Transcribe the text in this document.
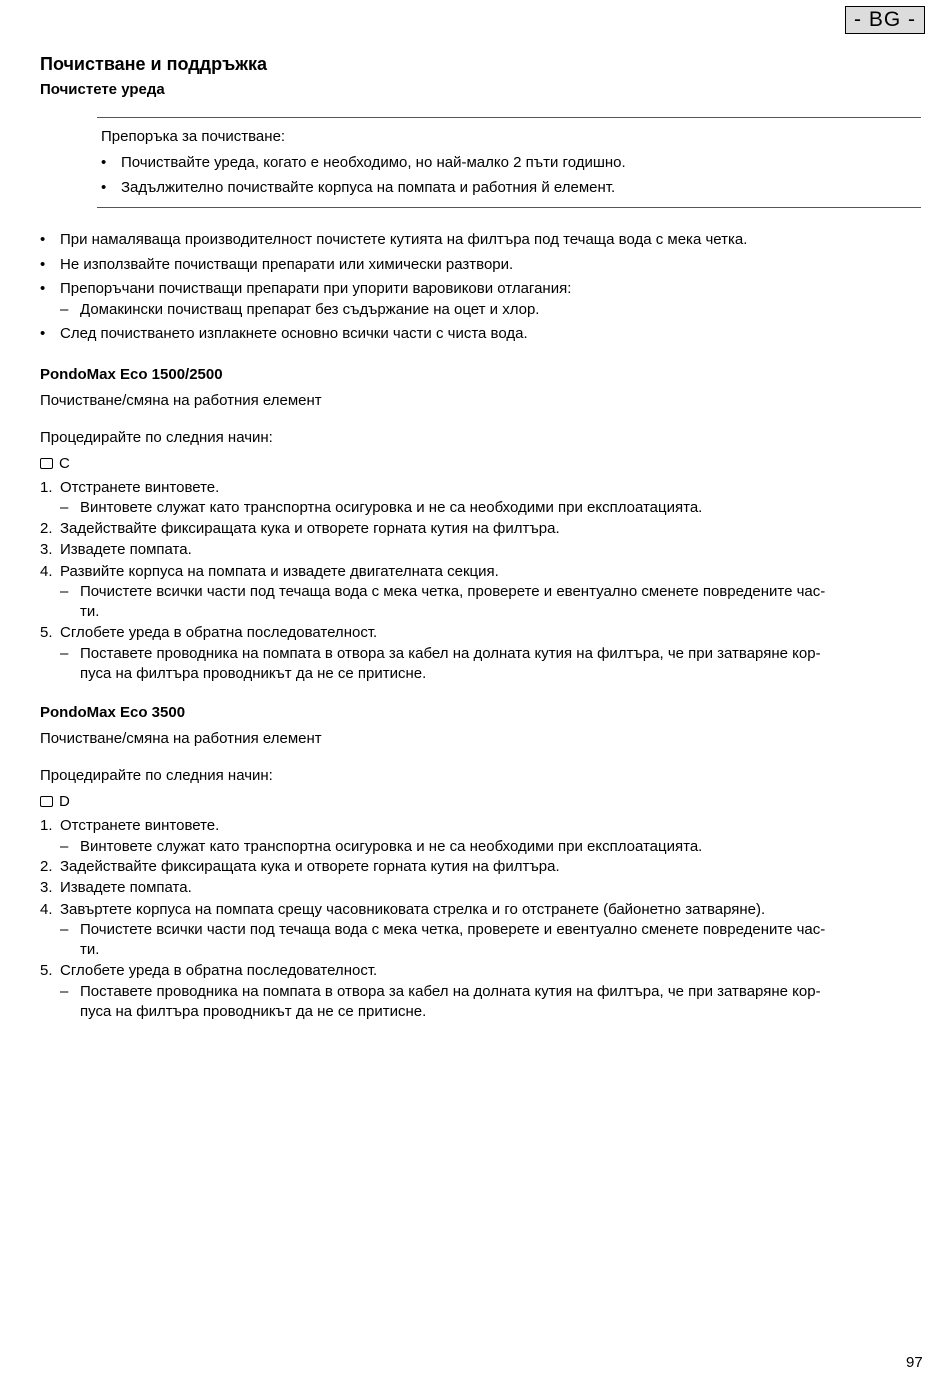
- BG -
Почистване и поддръжка
Почистете уреда
Препоръка за почистване:
• Почиствайте уреда, когато е необходимо, но най-малко 2 пъти годишно.
• Задължително почиствайте корпуса на помпата и работния й елемент.
• При намаляваща производителност почистете кутията на филтъра под течаща вода с мека четка.
• Не използвайте почистващи препарати или химически разтвори.
• Препоръчани почистващи препарати при упорити варовикови отлагания:
– Домакински почистващ препарат без съдържание на оцет и хлор.
• След почистването изплакнете основно всички части с чиста вода.
PondoMax Eco 1500/2500
Почистване/смяна на работния елемент
Процедирайте по следния начин:
C
1. Отстранете винтовете.
– Винтовете служат като транспортна осигуровка и не са необходими при експлоатацията.
2. Задействайте фиксиращата кука и отворете горната кутия на филтъра.
3. Извадете помпата.
4. Развийте корпуса на помпата и извадете двигателната секция.
– Почистете всички части под течаща вода с мека четка, проверете и евентуално сменете повредените час-
ти.
5. Сглобете уреда в обратна последователност.
– Поставете проводника на помпата в отвора за кабел на долната кутия на филтъра, че при затваряне кор-
пуса на филтъра проводникът да не се притисне.
PondoMax Eco 3500
Почистване/смяна на работния елемент
Процедирайте по следния начин:
D
1. Отстранете винтовете.
– Винтовете служат като транспортна осигуровка и не са необходими при експлоатацията.
2. Задействайте фиксиращата кука и отворете горната кутия на филтъра.
3. Извадете помпата.
4. Завъртете корпуса на помпата срещу часовниковата стрелка и го отстранете (байонетно затваряне).
– Почистете всички части под течаща вода с мека четка, проверете и евентуално сменете повредените час-
ти.
5. Сглобете уреда в обратна последователност.
– Поставете проводника на помпата в отвора за кабел на долната кутия на филтъра, че при затваряне кор-
пуса на филтъра проводникът да не се притисне.
97
